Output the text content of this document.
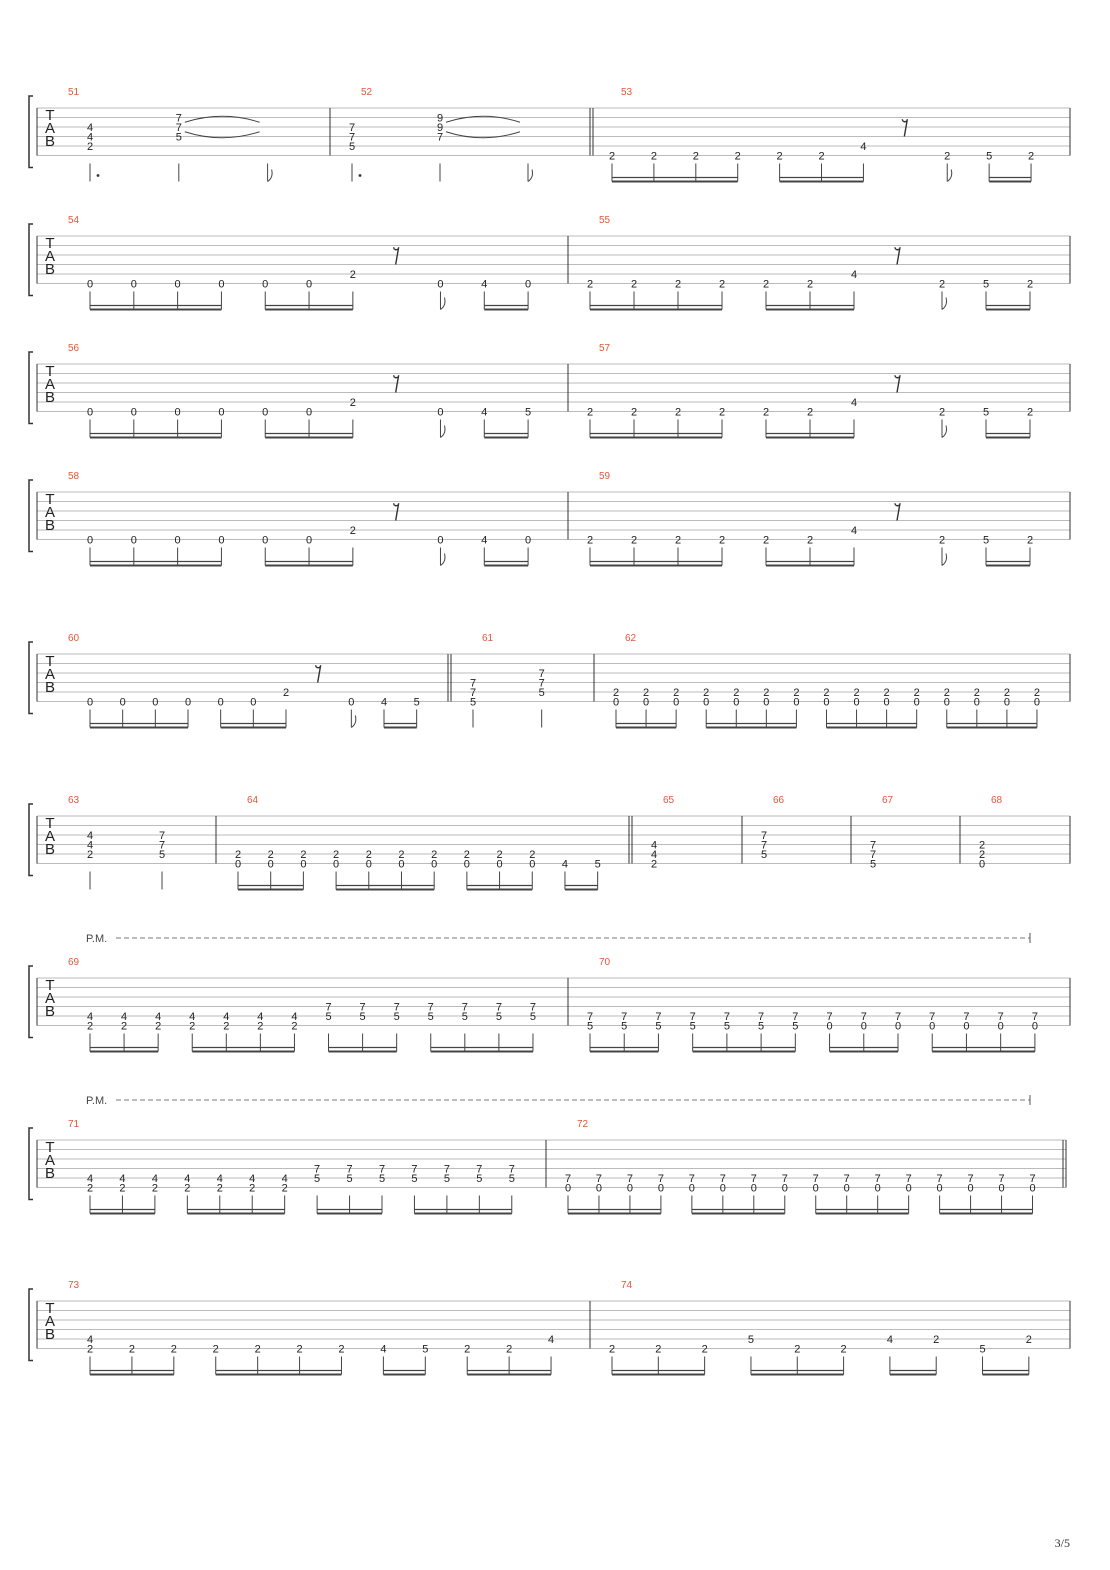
T
A
B
51
4
4
2
7
7
5
52
7
7
5
9
9
7
53
2	2	2	2	2	2
4
2	5	2
T
A
B
54
0	0	0	0	0	0
2
0	4	0
55
2	2	2	2	2	2
4
2	5	2
T
A
B
56
0	0	0	0	0	0
2
0	4	5
57
2	2	2	2	2	2
4
2	5	2
T
A
B
58
0	0	0	0	0	0
2
0	4	0
59
2	2	2	2	2	2
4
2	5	2
T
A
B
60
0 0 0 0 0 0
2
0 4 5
61
7
7
5
7
7
5
62
2
0
2
0
2
0
2
0
2
0
2
0
2
0
2
0
2
0
2
0
2
0
2
0
2
0
2
0
2
0
T
A
B
63
4
4
2
7
7
5
64
2
0
2
0
2
0
2
0
2
0
2
0
2
0
2
0
2
0
2
0 4 5
65
4
4
2
66
7
7
5
67
7
7
5
68
2
2
0
T
A
B
P.M.
69
4
2
4
2
4
2
4
2
4
2
4
2
4
2
7
5
7
5
7
5
7
5
7
5
7
5
7
5
70
7
5
7
5
7
5
7
5
7
5
7
5
7
5
7
0
7
0
7
0
7
0
7
0
7
0
7
0
T
A
B
P.M.
71
4
2
4
2
4
2
4
2
4
2
4
2
4
2
7
5
7
5
7
5
7
5
7
5
7
5
7
5
72
7
0
7
0
7
0
7
0
7
0
7
0
7
0
7
0
7
0
7
0
7
0
7
0
7
0
7
0
7
0
7
0
T
A
B
73
4
2	2	2	2	2	2	2	4	5	2	2
4
74
2	2	2
5
2	2
4	2
5
2
3/5
